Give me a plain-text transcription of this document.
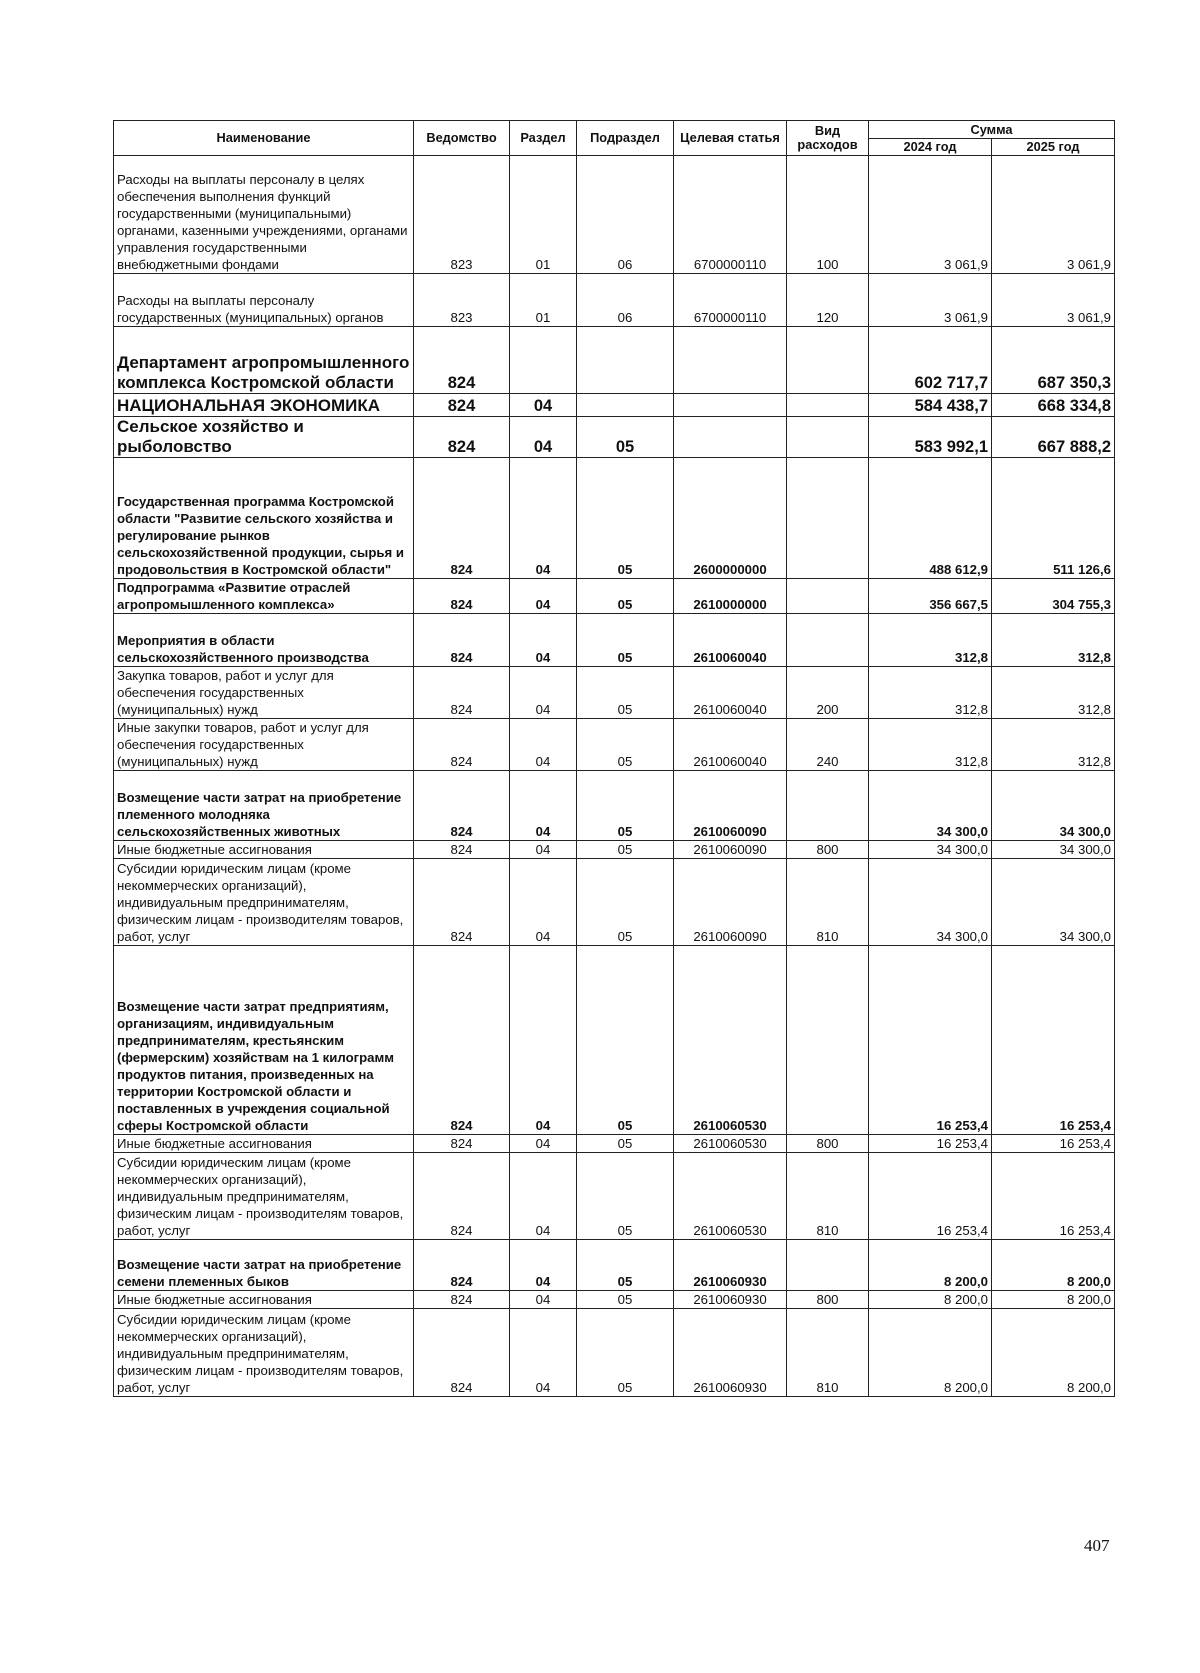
Наименование	Ведомство	Раздел	Подраздел	Целевая статья	Вид расходов	Сумма	
						2024 год	2025 год
Расходы на выплаты персоналу в целях обеспечения выполнения функций государственными (муниципальными) органами, казенными учреждениями, органами управления государственными внебюджетными фондами	823	01	06	6700000110	100	3 061,9	3 061,9
Расходы на выплаты персоналу государственных (муниципальных) органов	823	01	06	6700000110	120	3 061,9	3 061,9
Департамент агропромышленного комплекса Костромской области	824					602 717,7	687 350,3
НАЦИОНАЛЬНАЯ ЭКОНОМИКА	824	04				584 438,7	668 334,8
Сельское хозяйство и рыболовство	824	04	05			583 992,1	667 888,2
Государственная программа Костромской области "Развитие сельского хозяйства и регулирование рынков сельскохозяйственной продукции, сырья и продовольствия в Костромской области"	824	04	05	2600000000		488 612,9	511 126,6
Подпрограмма «Развитие отраслей агропромышленного комплекса»	824	04	05	2610000000		356 667,5	304 755,3
Мероприятия в области сельскохозяйственного производства	824	04	05	2610060040		312,8	312,8
Закупка товаров, работ и услуг для обеспечения государственных (муниципальных) нужд	824	04	05	2610060040	200	312,8	312,8
Иные закупки товаров, работ и услуг для обеспечения государственных (муниципальных) нужд	824	04	05	2610060040	240	312,8	312,8
Возмещение части затрат на приобретение племенного молодняка сельскохозяйственных животных	824	04	05	2610060090		34 300,0	34 300,0
Иные бюджетные ассигнования	824	04	05	2610060090	800	34 300,0	34 300,0
Субсидии юридическим лицам (кроме некоммерческих организаций), индивидуальным предпринимателям, физическим лицам - производителям товаров, работ, услуг	824	04	05	2610060090	810	34 300,0	34 300,0
Возмещение части затрат предприятиям, организациям, индивидуальным предпринимателям, крестьянским (фермерским) хозяйствам на 1 килограмм продуктов питания, произведенных на территории Костромской области и поставленных в учреждения социальной сферы Костромской области	824	04	05	2610060530		16 253,4	16 253,4
Иные бюджетные ассигнования	824	04	05	2610060530	800	16 253,4	16 253,4
Субсидии юридическим лицам (кроме некоммерческих организаций), индивидуальным предпринимателям, физическим лицам - производителям товаров, работ, услуг	824	04	05	2610060530	810	16 253,4	16 253,4
Возмещение части затрат на приобретение семени племенных быков	824	04	05	2610060930		8 200,0	8 200,0
Иные бюджетные ассигнования	824	04	05	2610060930	800	8 200,0	8 200,0
Субсидии юридическим лицам (кроме некоммерческих организаций), индивидуальным предпринимателям, физическим лицам - производителям товаров, работ, услуг	824	04	05	2610060930	810	8 200,0	8 200,0
407
